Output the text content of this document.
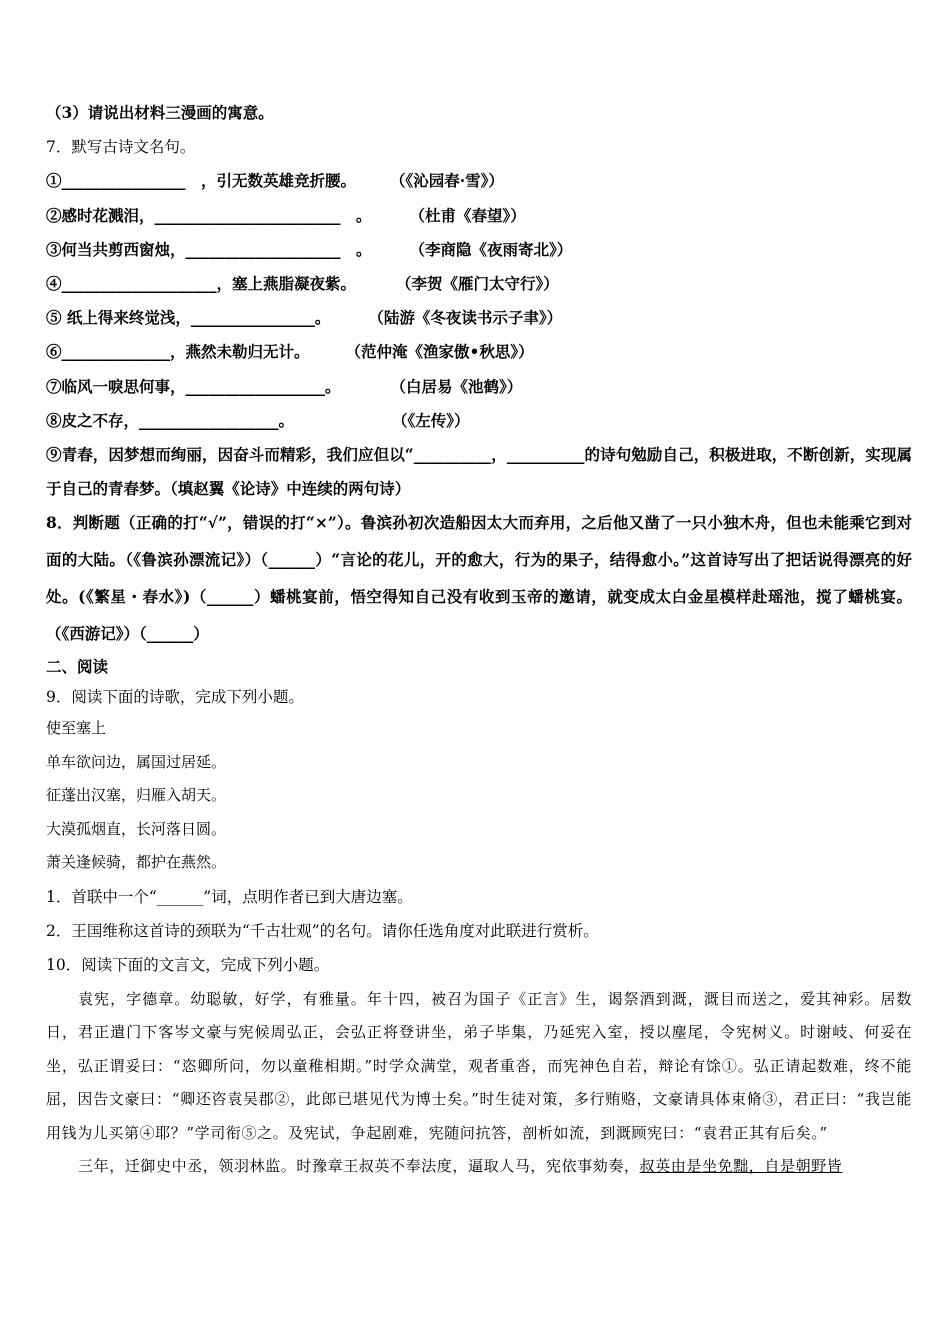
（3）请说出材料三漫画的寓意。
7．默写古诗文名句。
①________________　，引无数英雄竞折腰。 （《沁园春·雪》）
②感时花溅泪，________________________　。 （杜甫《春望》）
③何当共剪西窗烛，____________________　。 （李商隐《夜雨寄北》）
④____________________，塞上燕脂凝夜紫。	（李贺《雁门太守行》）
⑤ 纸上得来终觉浅，________________。 （陆游《冬夜读书示子聿》）
⑥______________，燕然未勒归无计。 （范仲淹《渔家傲•秋思》）
⑦临风一唳思何事，__________________。	（白居易《池鹤》）
⑧皮之不存，__________________。	（《左传》）
⑨青春，因梦想而绚丽，因奋斗而精彩，我们应但以“__________，__________的诗句勉励自己，积极进取，不断创新，实现属于自己的青春梦。（填赵翼《论诗》中连续的两句诗）
8．判断题（正确的打“√”，错误的打“×”）。鲁滨孙初次造船因太大而弃用，之后他又凿了一只小独木舟，但也未能乘它到对面的大陆。（《鲁滨孙漂流记》）（______）“言论的花儿，开的愈大，行为的果子，结得愈小。”这首诗写出了把话说得漂亮的好处。(《繁星・春水》)（______）蟠桃宴前，悟空得知自己没有收到玉帝的邀请，就变成太白金星模样赴瑶池，搅了蟠桃宴。（《西游记》）（______）
二、阅读
9．阅读下面的诗歌，完成下列小题。
使至塞上
单车欲问边，属国过居延。
征蓬出汉塞，归雁入胡天。
大漠孤烟直，长河落日圆。
萧关逢候骑，都护在燕然。
1．首联中一个“______”词，点明作者已到大唐边塞。
2．王国维称这首诗的颈联为“千古壮观”的名句。请你任选角度对此联进行赏析。
10．阅读下面的文言文，完成下列小题。
袁宪，字德章。幼聪敏，好学，有雅量。年十四，被召为国子《正言》生，谒祭酒到溉，溉目而送之，爱其神彩。居数日，君正遣门下客岑文豪与宪候周弘正，会弘正将登讲坐，弟子毕集，乃延宪入室，授以麈尾，令宪树义。时谢岐、何妥在坐，弘正谓妥曰：“恣卿所问，勿以童稚相期。”时学众满堂，观者重沓，而宪神色自若，辩论有馀①。弘正请起数难，终不能屈，因告文豪曰：“卿还咨袁吴郡②，此郎已堪见代为博士矣。”时生徒对策，多行贿赂，文豪请具体束脩③，君正曰：“我岂能用钱为儿买第④耶？”学司衔⑤之。及宪试，争起剧难，宪随问抗答，剖析如流，到溉顾宪曰：“袁君正其有后矣。”
三年，迁御史中丞，领羽林监。时豫章王叔英不奉法度，逼取人马，宪依事劾奏，叔英由是坐免黜，自是朝野皆
